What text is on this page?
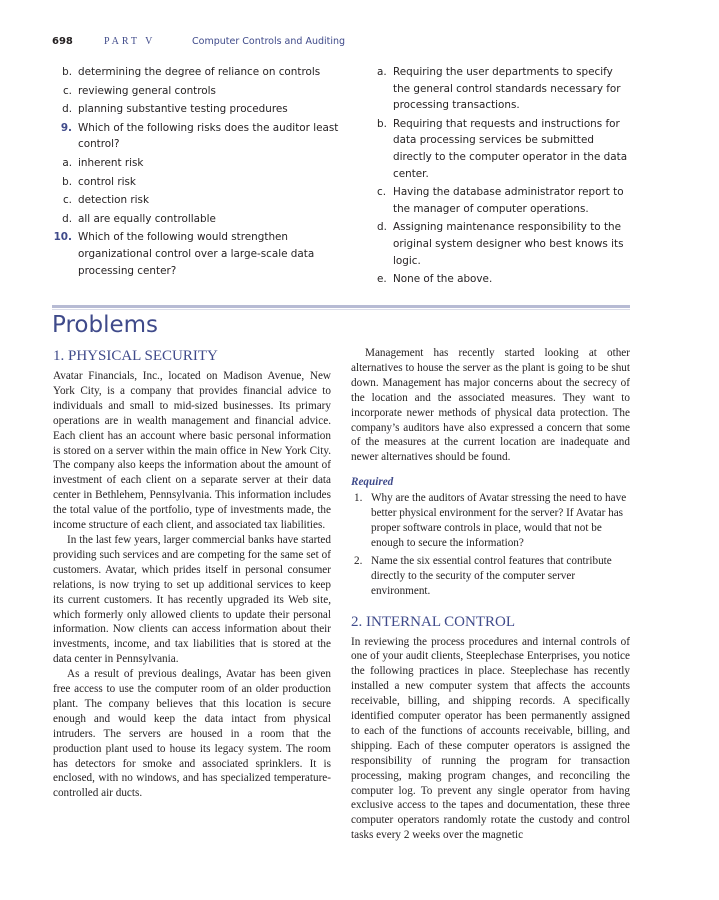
698	PART V	Computer Controls and Auditing
b. determining the degree of reliance on controls
c. reviewing general controls
d. planning substantive testing procedures
9. Which of the following risks does the auditor least control?
a. inherent risk
b. control risk
c. detection risk
d. all are equally controllable
10. Which of the following would strengthen organizational control over a large-scale data processing center?
a. Requiring the user departments to specify the general control standards necessary for processing transactions.
b. Requiring that requests and instructions for data processing services be submitted directly to the computer operator in the data center.
c. Having the database administrator report to the manager of computer operations.
d. Assigning maintenance responsibility to the original system designer who best knows its logic.
e. None of the above.
Problems
1. PHYSICAL SECURITY

Avatar Financials, Inc., located on Madison Avenue, New York City, is a company that provides financial advice to individuals and small to mid-sized businesses. Its primary operations are in wealth management and financial advice. Each client has an account where basic personal information is stored on a server within the main office in New York City. The company also keeps the information about the amount of investment of each client on a separate server at their data center in Bethlehem, Pennsylvania. This information includes the total value of the portfolio, type of investments made, the income structure of each client, and associated tax liabilities.

In the last few years, larger commercial banks have started providing such services and are competing for the same set of customers. Avatar, which prides itself in personal consumer relations, is now trying to set up additional services to keep its current customers. It has recently upgraded its Web site, which formerly only allowed clients to update their personal information. Now clients can access information about their investments, income, and tax liabilities that is stored at the data center in Pennsylvania.

As a result of previous dealings, Avatar has been given free access to use the computer room of an older production plant. The company believes that this location is secure enough and would keep the data intact from physical intruders. The servers are housed in a room that the production plant used to house its legacy system. The room has detectors for smoke and associated sprinklers. It is enclosed, with no windows, and has specialized temperature-controlled air ducts.

Management has recently started looking at other alternatives to house the server as the plant is going to be shut down. Management has major concerns about the secrecy of the location and the associated measures. They want to incorporate newer methods of physical data protection. The company’s auditors have also expressed a concern that some of the measures at the current location are inadequate and newer alternatives should be found.

Required
1. Why are the auditors of Avatar stressing the need to have better physical environment for the server? If Avatar has proper software controls in place, would that not be enough to secure the information?
2. Name the six essential control features that contribute directly to the security of the computer server environment.
2. INTERNAL CONTROL

In reviewing the process procedures and internal controls of one of your audit clients, Steeplechase Enterprises, you notice the following practices in place. Steeplechase has recently installed a new computer system that affects the accounts receivable, billing, and shipping records. A specifically identified computer operator has been permanently assigned to each of the functions of accounts receivable, billing, and shipping. Each of these computer operators is assigned the responsibility of running the program for transaction processing, making program changes, and reconciling the computer log. To prevent any single operator from having exclusive access to the tapes and documentation, these three computer operators randomly rotate the custody and control tasks every 2 weeks over the magnetic
